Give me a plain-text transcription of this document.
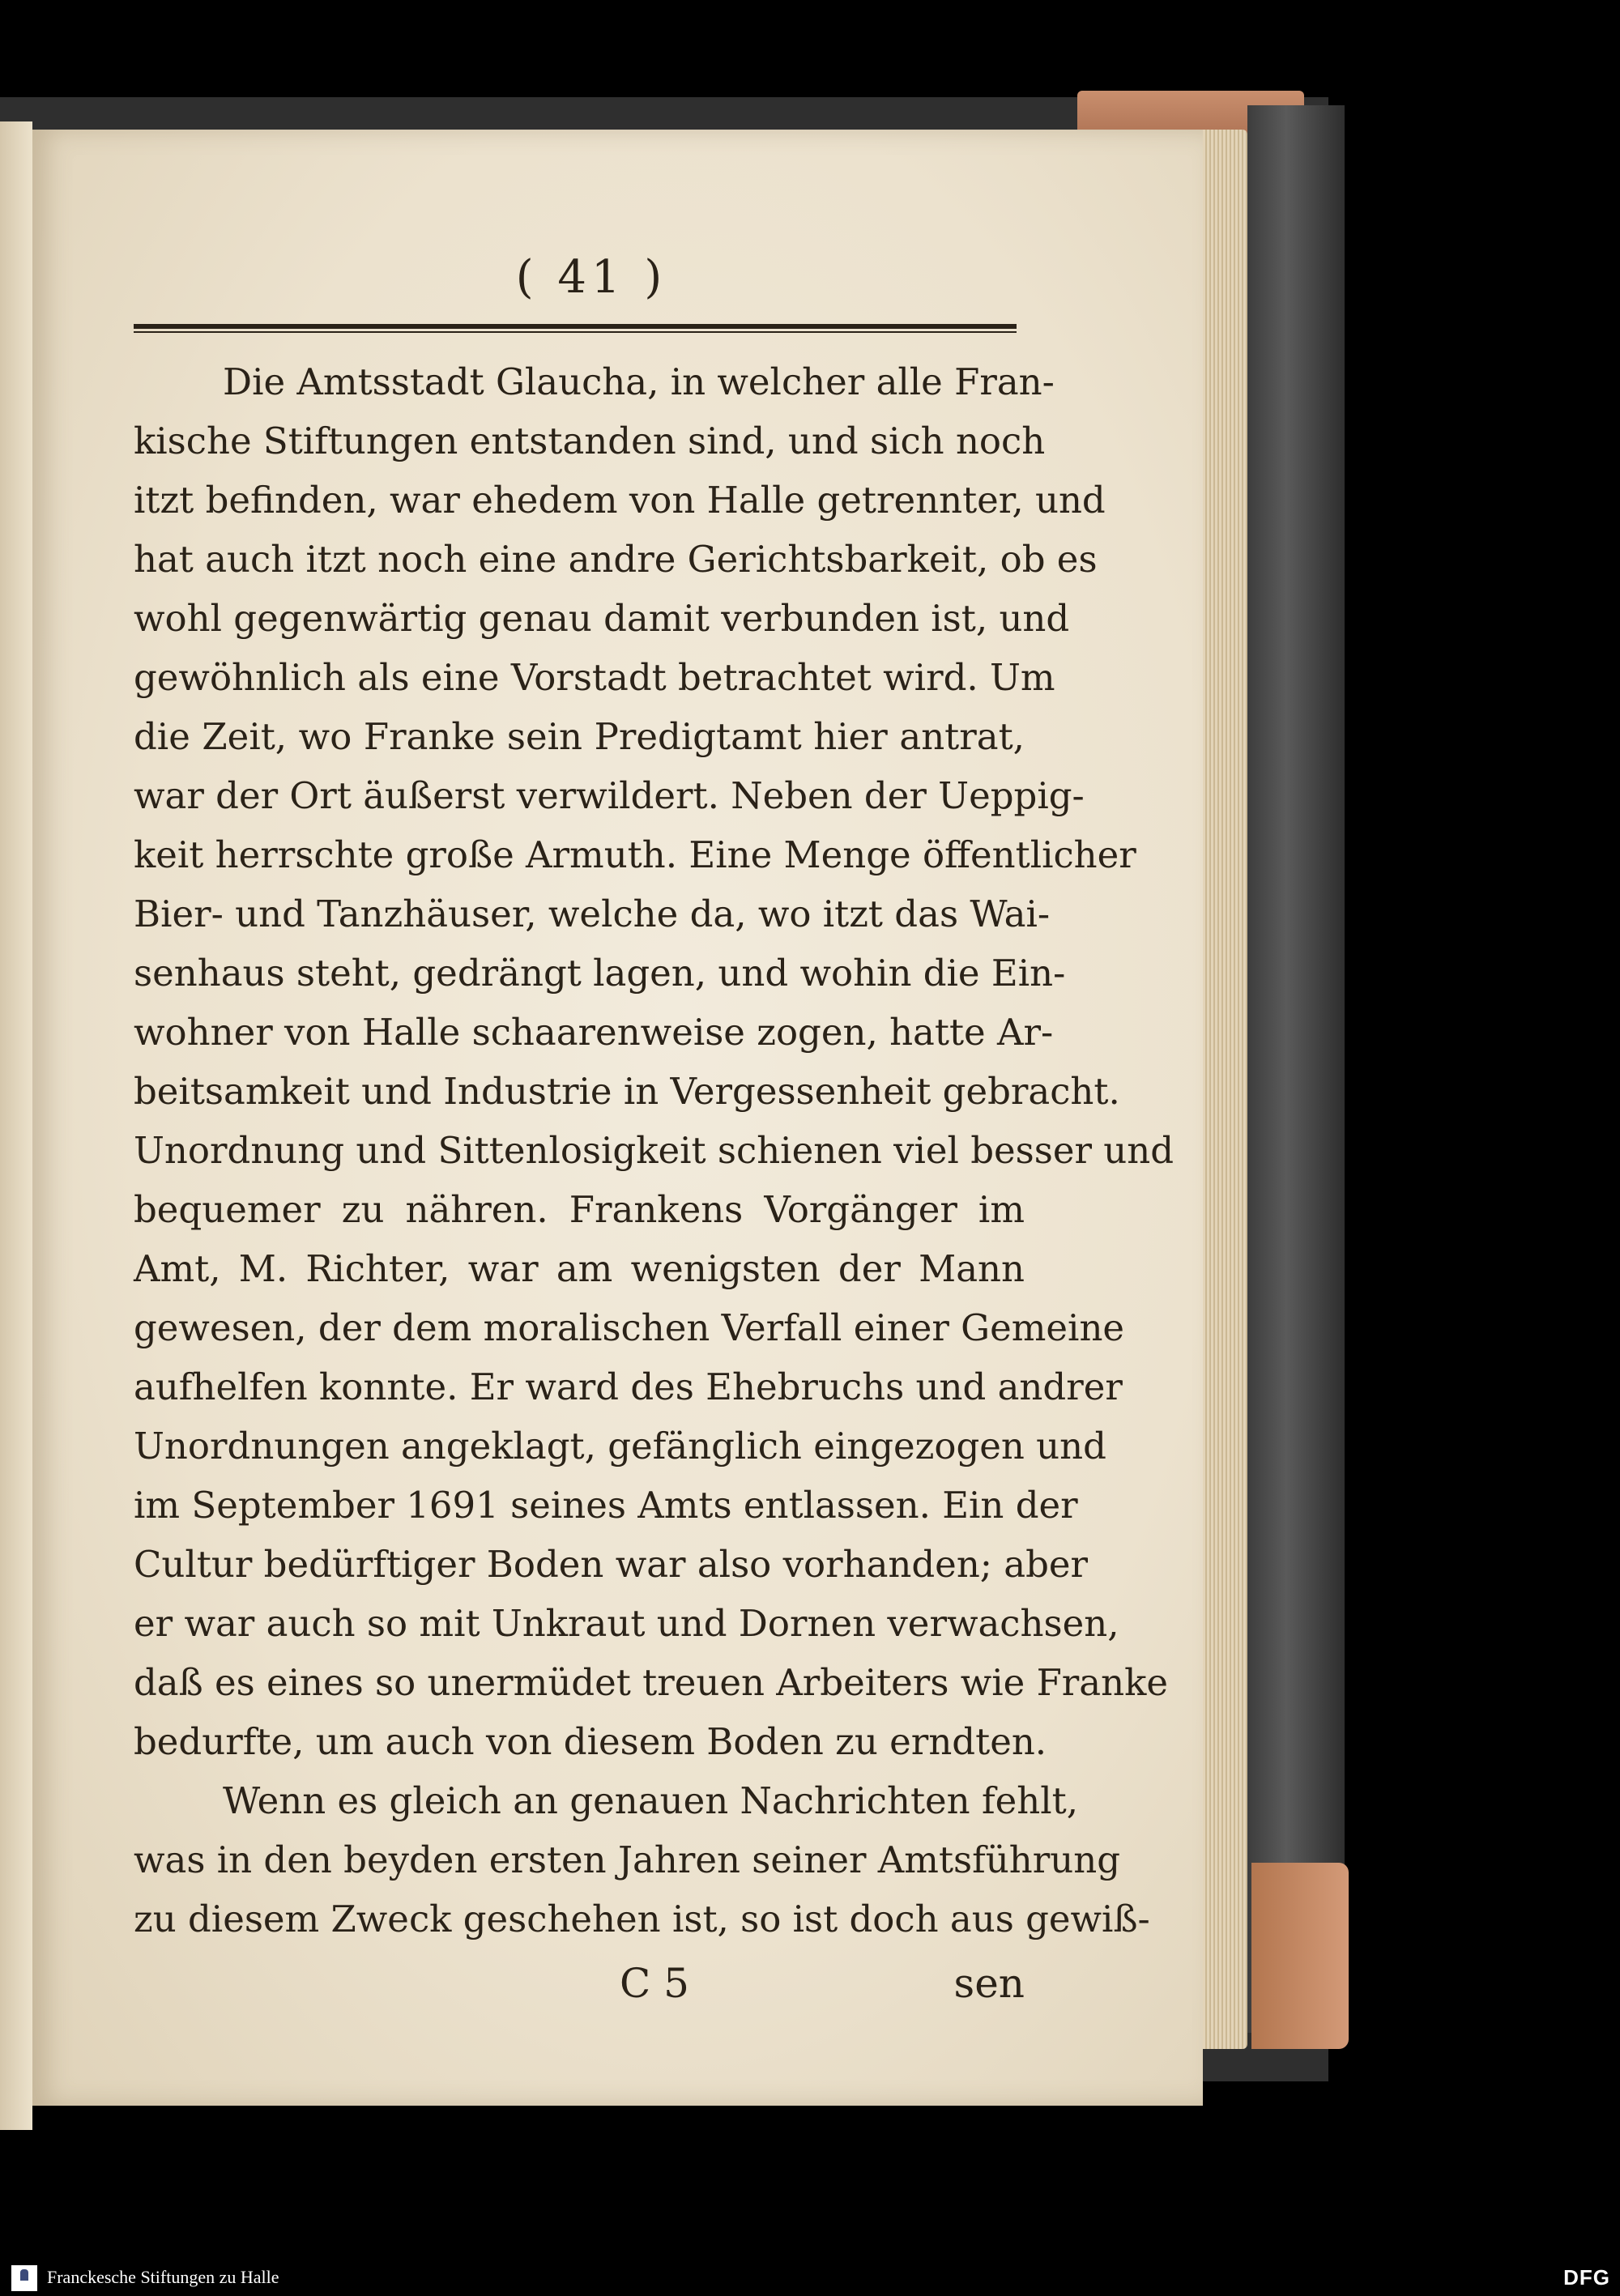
( 41 )
Die Amtsstadt Glaucha, in welcher alle Fran-
kische Stiftungen entstanden sind, und sich noch
itzt befinden, war ehedem von Halle getrennter, und
hat auch itzt noch eine andre Gerichtsbarkeit, ob es
wohl gegenwärtig genau damit verbunden ist, und
gewöhnlich als eine Vorstadt betrachtet wird. Um
die Zeit, wo Franke sein Predigtamt hier antrat,
war der Ort äußerst verwildert. Neben der Ueppig-
keit herrschte große Armuth. Eine Menge öffentlicher
Bier- und Tanzhäuser, welche da, wo itzt das Wai-
senhaus steht, gedrängt lagen, und wohin die Ein-
wohner von Halle schaarenweise zogen, hatte Ar-
beitsamkeit und Industrie in Vergessenheit gebracht.
Unordnung und Sittenlosigkeit schienen viel besser und
bequemer zu nähren. Frankens Vorgänger im
Amt, M. Richter, war am wenigsten der Mann
gewesen, der dem moralischen Verfall einer Gemeine
aufhelfen konnte. Er ward des Ehebruchs und andrer
Unordnungen angeklagt, gefänglich eingezogen und
im September 1691 seines Amts entlassen. Ein der
Cultur bedürftiger Boden war also vorhanden; aber
er war auch so mit Unkraut und Dornen verwachsen,
daß es eines so unermüdet treuen Arbeiters wie Franke
bedurfte, um auch von diesem Boden zu erndten.
Wenn es gleich an genauen Nachrichten fehlt,
was in den beyden ersten Jahren seiner Amtsführung
zu diesem Zweck geschehen ist, so ist doch aus gewiß-
C 5	sen
Franckesche Stiftungen zu Halle	DFG
